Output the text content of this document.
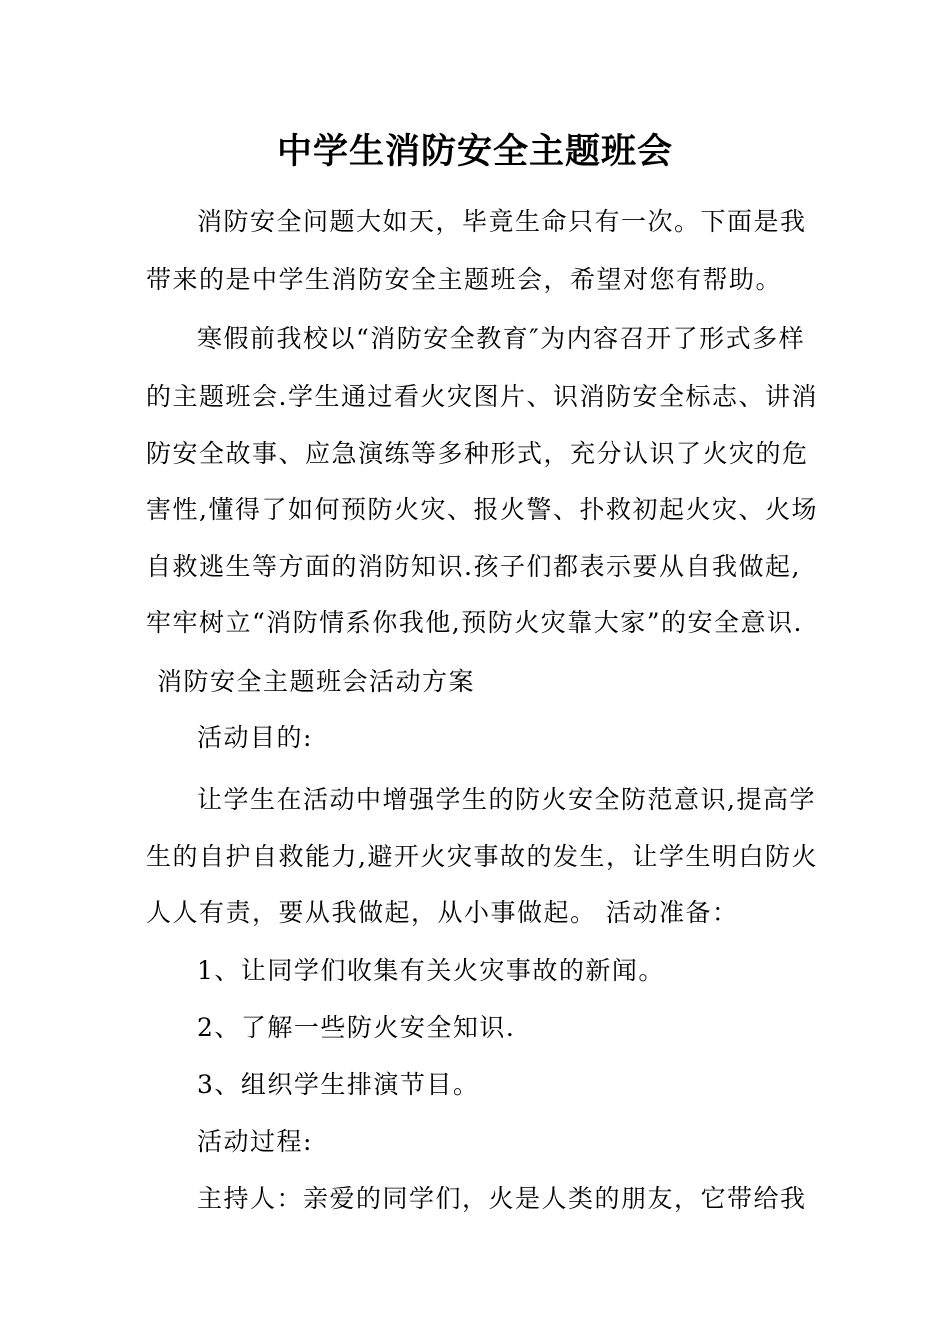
中学生消防安全主题班会
消防安全问题大如天，毕竟生命只有一次。下面是我
带来的是中学生消防安全主题班会，希望对您有帮助。
寒假前我校以“消防安全教育″为内容召开了形式多样
的主题班会.学生通过看火灾图片、识消防安全标志、讲消
防安全故事、应急演练等多种形式，充分认识了火灾的危
害性,懂得了如何预防火灾、报火警、扑救初起火灾、火场
自救逃生等方面的消防知识.孩子们都表示要从自我做起,
牢牢树立“消防情系你我他,预防火灾靠大家”的安全意识.
消防安全主题班会活动方案
活动目的:
让学生在活动中增强学生的防火安全防范意识,提高学
生的自护自救能力,避开火灾事故的发生，让学生明白防火
人人有责，要从我做起，从小事做起。 活动准备：
1、让同学们收集有关火灾事故的新闻。
2、了解一些防火安全知识.
3、组织学生排演节目。
活动过程:
主持人：亲爱的同学们，火是人类的朋友，它带给我
